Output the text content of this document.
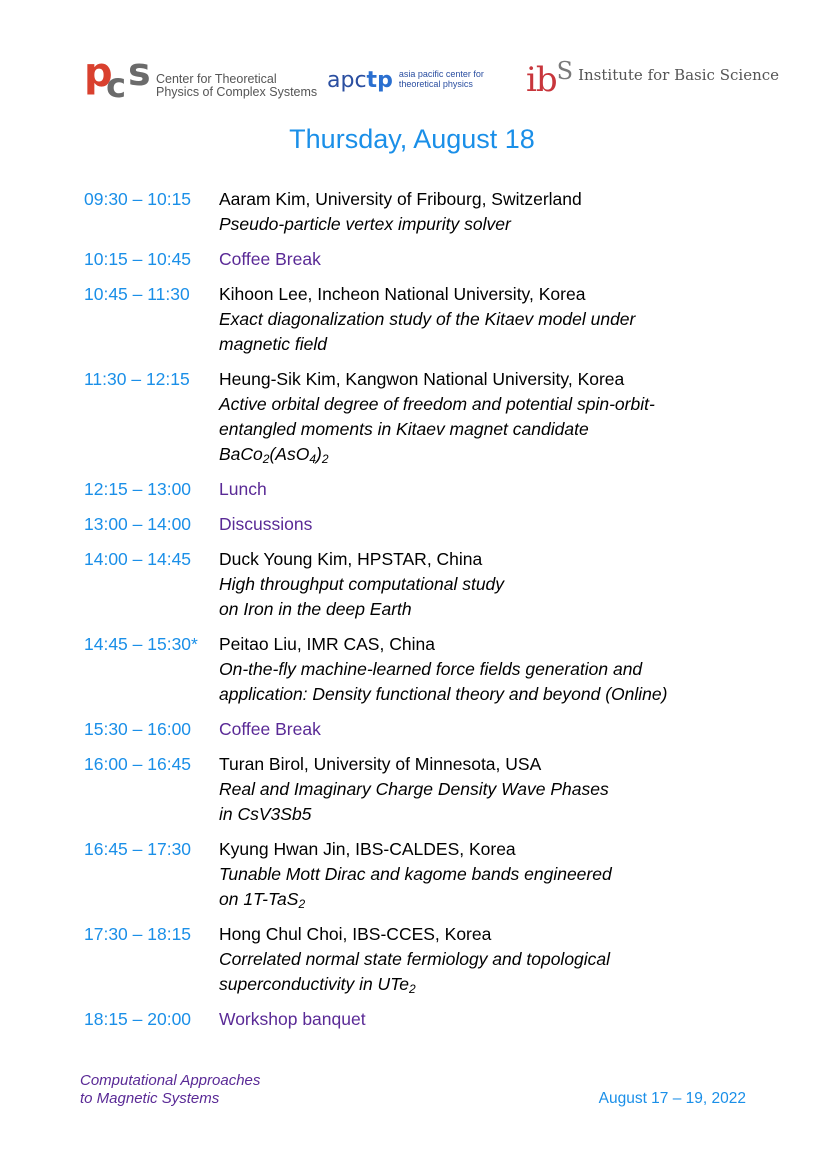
p
c s Center for Theoretical
Physics of Complex Systems apctp asia pacific center for
theoretical physics	$ib^S$ Institute for Basic Science
Thursday, August 18
09:30 – 10:15	Aaram Kim, University of Fribourg, Switzerland
Pseudo-particle vertex impurity solver
10:15 – 10:45	Coffee Break
10:45 – 11:30	Kihoon Lee, Incheon National University, Korea
Exact diagonalization study of the Kitaev model under magnetic field
11:30 – 12:15	Heung-Sik Kim, Kangwon National University, Korea
Active orbital degree of freedom and potential spin-orbit-entangled moments in Kitaev magnet candidate
$BaCo_2(AsO_4)_2$
12:15 – 13:00	Lunch
13:00 – 14:00	Discussions
14:00 – 14:45	Duck Young Kim, HPSTAR, China
High throughput computational study
on Iron in the deep Earth
14:45 – 15:30*	Peitao Liu, IMR CAS, China
On-the-fly machine-learned force fields generation and
application: Density functional theory and beyond (Online)
15:30 – 16:00	Coffee Break
16:00 – 16:45	Turan Birol, University of Minnesota, USA
Real and Imaginary Charge Density Wave Phases
in CsV3Sb5
16:45 – 17:30	Kyung Hwan Jin, IBS-CALDES, Korea
Tunable Mott Dirac and kagome bands engineered
on 1T-TaS$_2$
17:30 – 18:15	Hong Chul Choi, IBS-CCES, Korea
Correlated normal state fermiology and topological
superconductivity in UTe$_2$
18:15 – 20:00	Workshop banquet
Computational Approaches
to Magnetic Systems	August 17 – 19, 2022
